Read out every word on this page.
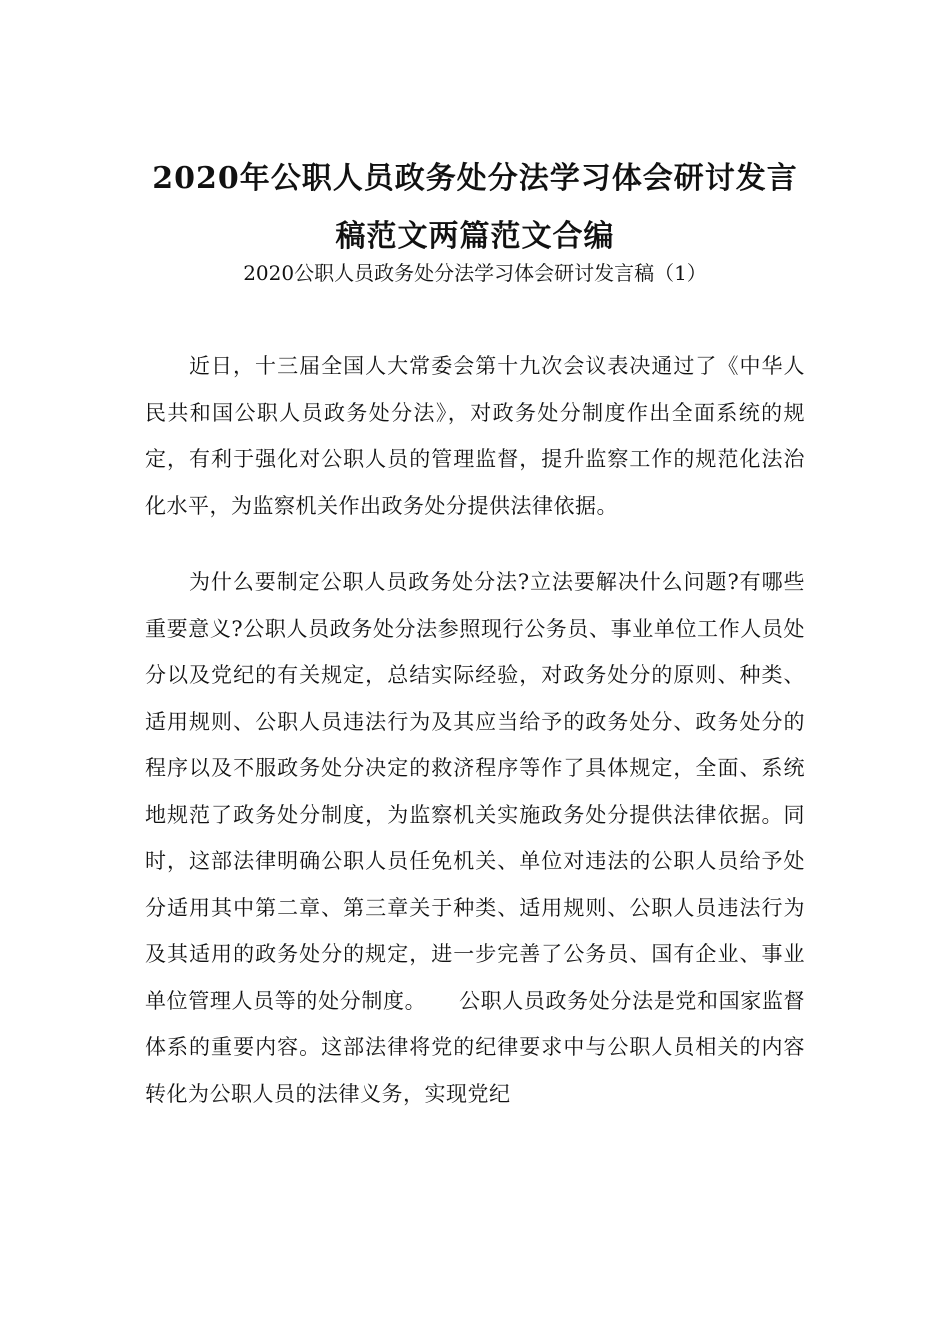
2020年公职人员政务处分法学习体会研讨发言稿范文两篇范文合编
2020公职人员政务处分法学习体会研讨发言稿（1）

近日，十三届全国人大常委会第十九次会议表决通过了《中华人民共和国公职人员政务处分法》，对政务处分制度作出全面系统的规定，有利于强化对公职人员的管理监督，提升监察工作的规范化法治化水平，为监察机关作出政务处分提供法律依据。

为什么要制定公职人员政务处分法?立法要解决什么问题?有哪些重要意义?公职人员政务处分法参照现行公务员、事业单位工作人员处分以及党纪的有关规定，总结实际经验，对政务处分的原则、种类、适用规则、公职人员违法行为及其应当给予的政务处分、政务处分的程序以及不服政务处分决定的救济程序等作了具体规定，全面、系统地规范了政务处分制度，为监察机关实施政务处分提供法律依据。同时，这部法律明确公职人员任免机关、单位对违法的公职人员给予处分适用其中第二章、第三章关于种类、适用规则、公职人员违法行为及其适用的政务处分的规定，进一步完善了公务员、国有企业、事业单位管理人员等的处分制度。　　公职人员政务处分法是党和国家监督体系的重要内容。这部法律将党的纪律要求中与公职人员相关的内容转化为公职人员的法律义务，实现党纪
